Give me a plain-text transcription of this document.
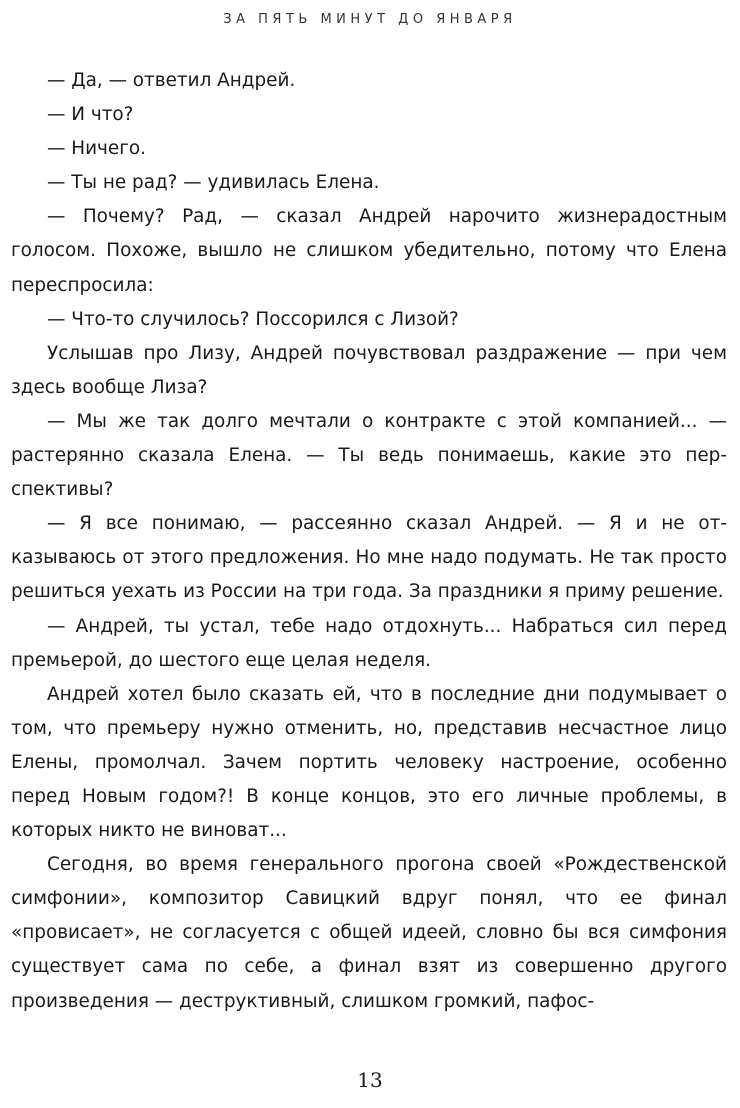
ЗА ПЯТЬ МИНУТ ДО ЯНВАРЯ

— Да, — ответил Андрей.

— И что?

— Ничего.

— Ты не рад? — удивилась Елена.

— Почему? Рад, — сказал Андрей нарочито жизнерадостным голосом. Похоже, вышло не слишком убедительно, потому что Елена переспросила:

— Что-то случилось? Поссорился с Лизой?

Услышав про Лизу, Андрей почувствовал раздражение — при чем здесь вообще Лиза?

— Мы же так долго мечтали о контракте с этой компанией... — растерянно сказала Елена. — Ты ведь понимаешь, какие это перспективы?

— Я все понимаю, — рассеянно сказал Андрей. — Я и не отказываюсь от этого предложения. Но мне надо подумать. Не так просто решиться уехать из России на три года. За праздники я приму решение.

— Андрей, ты устал, тебе надо отдохнуть... Набраться сил перед премьерой, до шестого еще целая неделя.

Андрей хотел было сказать ей, что в последние дни подумывает о том, что премьеру нужно отменить, но, представив несчастное лицо Елены, промолчал. Зачем портить человеку настроение, особенно перед Новым годом?! В конце концов, это его личные проблемы, в которых никто не виноват...

Сегодня, во время генерального прогона своей «Рождественской симфонии», композитор Савицкий вдруг понял, что ее финал «провисает», не согласуется с общей идеей, словно бы вся симфония существует сама по себе, а финал взят из совершенно другого произведения — деструктивный, слишком громкий, пафос-

13
